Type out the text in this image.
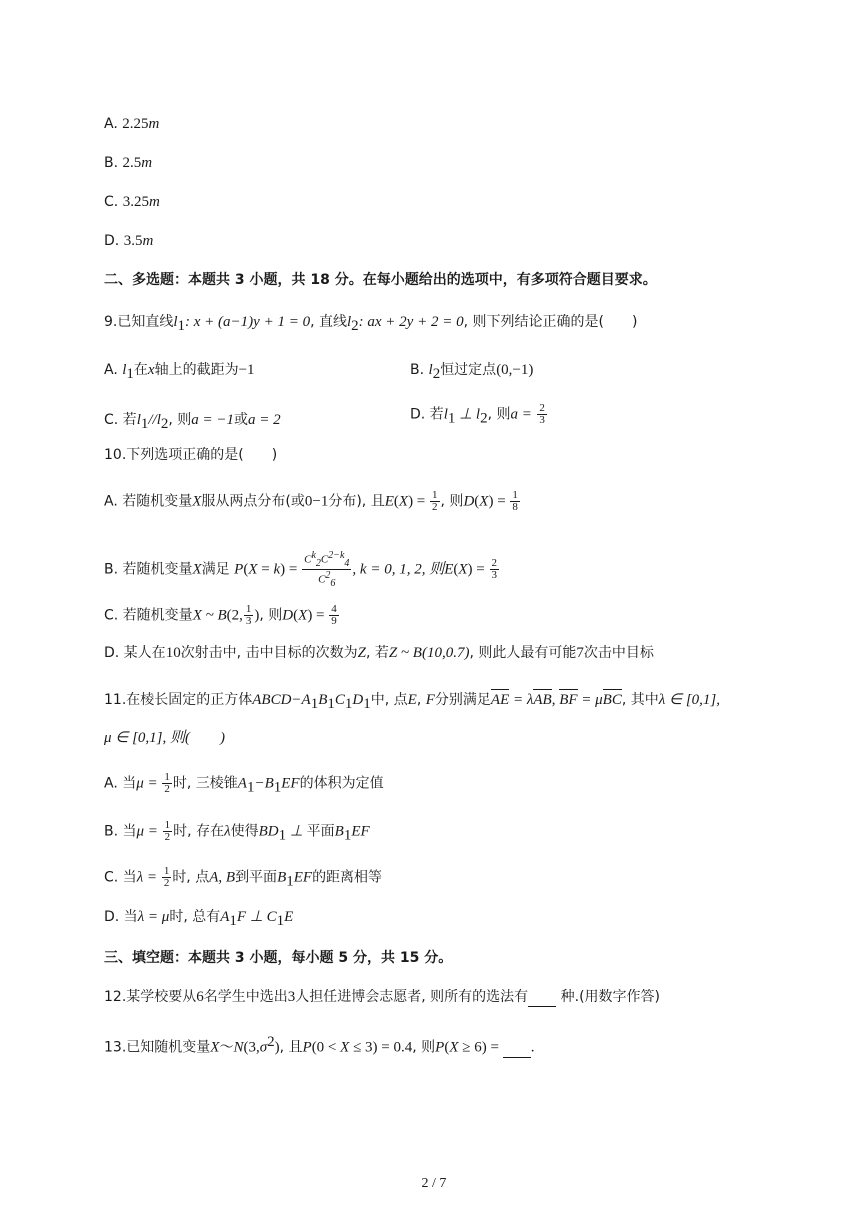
A. 2.25m
B. 2.5m
C. 3.25m
D. 3.5m
二、多选题：本题共 3 小题，共 18 分。在每小题给出的选项中，有多项符合题目要求。
9.已知直线$l_1$: x + (a−1)y + 1 = 0, 直线$l_2$: ax + 2y + 2 = 0, 则下列结论正确的是(　　)
A. $l_1$在x轴上的截距为−1	B. $l_2$恒过定点(0,−1)
C. 若$l_1//l_2$, 则a = −1或a = 2	D. 若$l_1$ ⊥ $l_2$, 则$a = \frac{2}{3}$
10.下列选项正确的是(　　)
A. 若随机变量X服从两点分布(或0−1分布), 且$E(X) = \frac{1}{2}$ , 则$D(X) = \frac{1}{8}$
B. 若随机变量X满足 $P(X = k) = \frac{C^k_2C^{2-k}_4}{C^2_6}$ , k = 0, 1, 2, 则$E(X) = \frac{2}{3}$
C. 若随机变量X ~ B(2, $\frac{1}{3}$ ), 则$D(X) = \frac{4}{9}$
D. 某人在10次射击中, 击中目标的次数为Z, 若Z ~ B(10,0.7), 则此人最有可能7次击中目标
11.在棱长固定的正方体$ABCD-A_1B_1C_1D_1$中, 点E, F分别满足AE = λAB, BF = μBC, 其中λ ∈ [0,1],
μ ∈ [0,1], 则(　　)
A. 当$\mu = \frac{1}{2}$ 时, 三棱锥$A_1-B_1EF$的体积为定值
B. 当$\mu = \frac{1}{2}$ 时, 存在λ使得$BD_1$ ⊥ 平面$B_1EF$
C. 当$\lambda = \frac{1}{2}$ 时, 点A, B到平面$B_1EF$的距离相等
D. 当λ = μ时, 总有$A_1F$ ⊥ $C_1E$
三、填空题：本题共 3 小题，每小题 5 分，共 15 分。
12.某学校要从6名学生中选出3人担任进博会志愿者, 则所有的选法有 种.(用数字作答)
13.已知随机变量$X\sim N(3,\sigma^2)$, 且P(0 < X ≤ 3) = 0.4, 则P(X ≥ 6) = .
2 / 7
